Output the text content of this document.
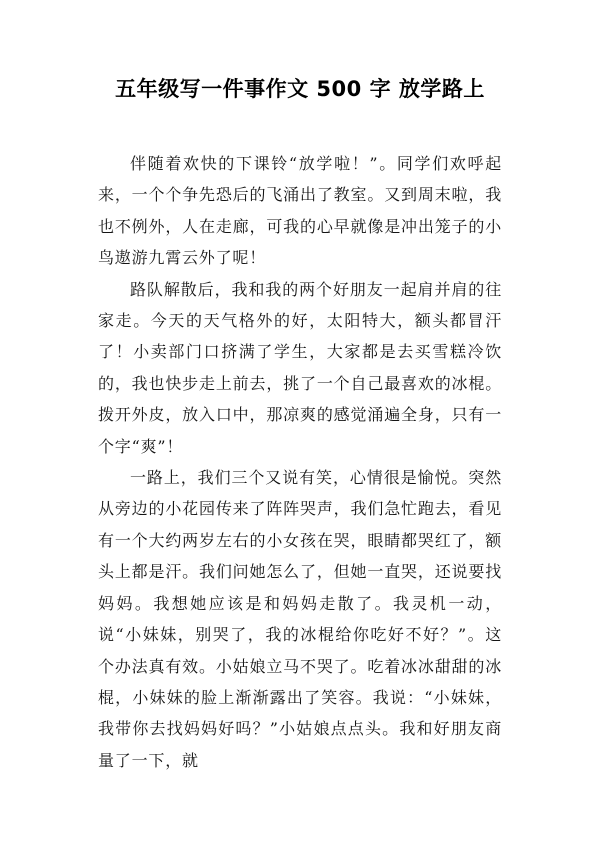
五年级写一件事作文 500 字 放学路上

伴随着欢快的下课铃“放学啦！”。同学们欢呼起来，一个个争先恐后的飞涌出了教室。又到周末啦，我也不例外，人在走廊，可我的心早就像是冲出笼子的小鸟遨游九霄云外了呢！

路队解散后，我和我的两个好朋友一起肩并肩的往家走。今天的天气格外的好，太阳特大，额头都冒汗了！小卖部门口挤满了学生，大家都是去买雪糕冷饮的，我也快步走上前去，挑了一个自己最喜欢的冰棍。拨开外皮，放入口中，那凉爽的感觉涌遍全身，只有一个字“爽”！

一路上，我们三个又说有笑，心情很是愉悦。突然从旁边的小花园传来了阵阵哭声，我们急忙跑去，看见有一个大约两岁左右的小女孩在哭，眼睛都哭红了，额头上都是汗。我们问她怎么了，但她一直哭，还说要找妈妈。我想她应该是和妈妈走散了。我灵机一动，说“小妹妹，别哭了，我的冰棍给你吃好不好？”。这个办法真有效。小姑娘立马不哭了。吃着冰冰甜甜的冰棍，小妹妹的脸上渐渐露出了笑容。我说：“小妹妹，我带你去找妈妈好吗？”小姑娘点点头。我和好朋友商量了一下，就
